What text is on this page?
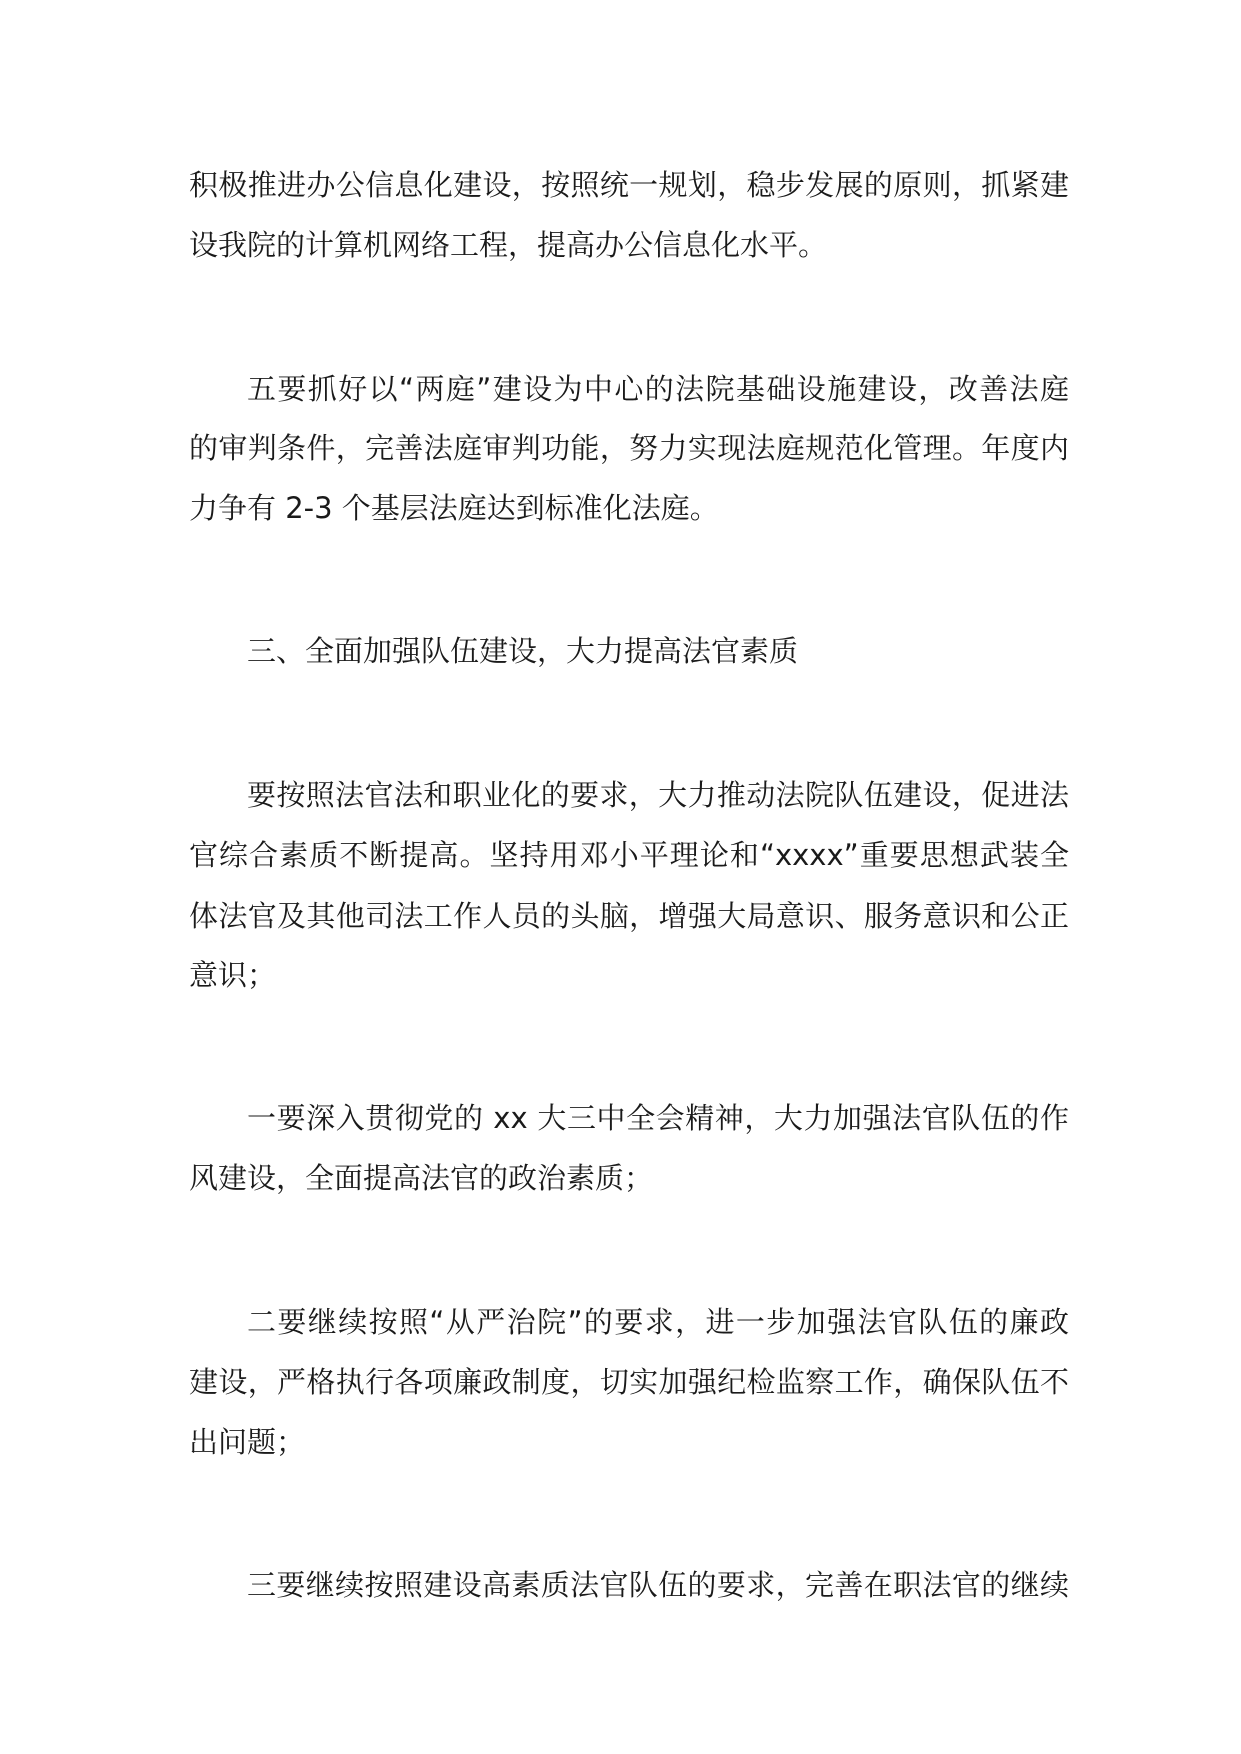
积极推进办公信息化建设，按照统一规划，稳步发展的原则，抓紧建
设我院的计算机网络工程，提高办公信息化水平。
五要抓好以“两庭”建设为中心的法院基础设施建设，改善法庭
的审判条件，完善法庭审判功能，努力实现法庭规范化管理。年度内
力争有 2-3 个基层法庭达到标准化法庭。
三、全面加强队伍建设，大力提高法官素质
要按照法官法和职业化的要求，大力推动法院队伍建设，促进法
官综合素质不断提高。坚持用邓小平理论和“xxxx”重要思想武装全
体法官及其他司法工作人员的头脑，增强大局意识、服务意识和公正
意识；
一要深入贯彻党的 xx 大三中全会精神，大力加强法官队伍的作
风建设，全面提高法官的政治素质；
二要继续按照“从严治院”的要求，进一步加强法官队伍的廉政
建设，严格执行各项廉政制度，切实加强纪检监察工作，确保队伍不
出问题；
三要继续按照建设高素质法官队伍的要求，完善在职法官的继续
